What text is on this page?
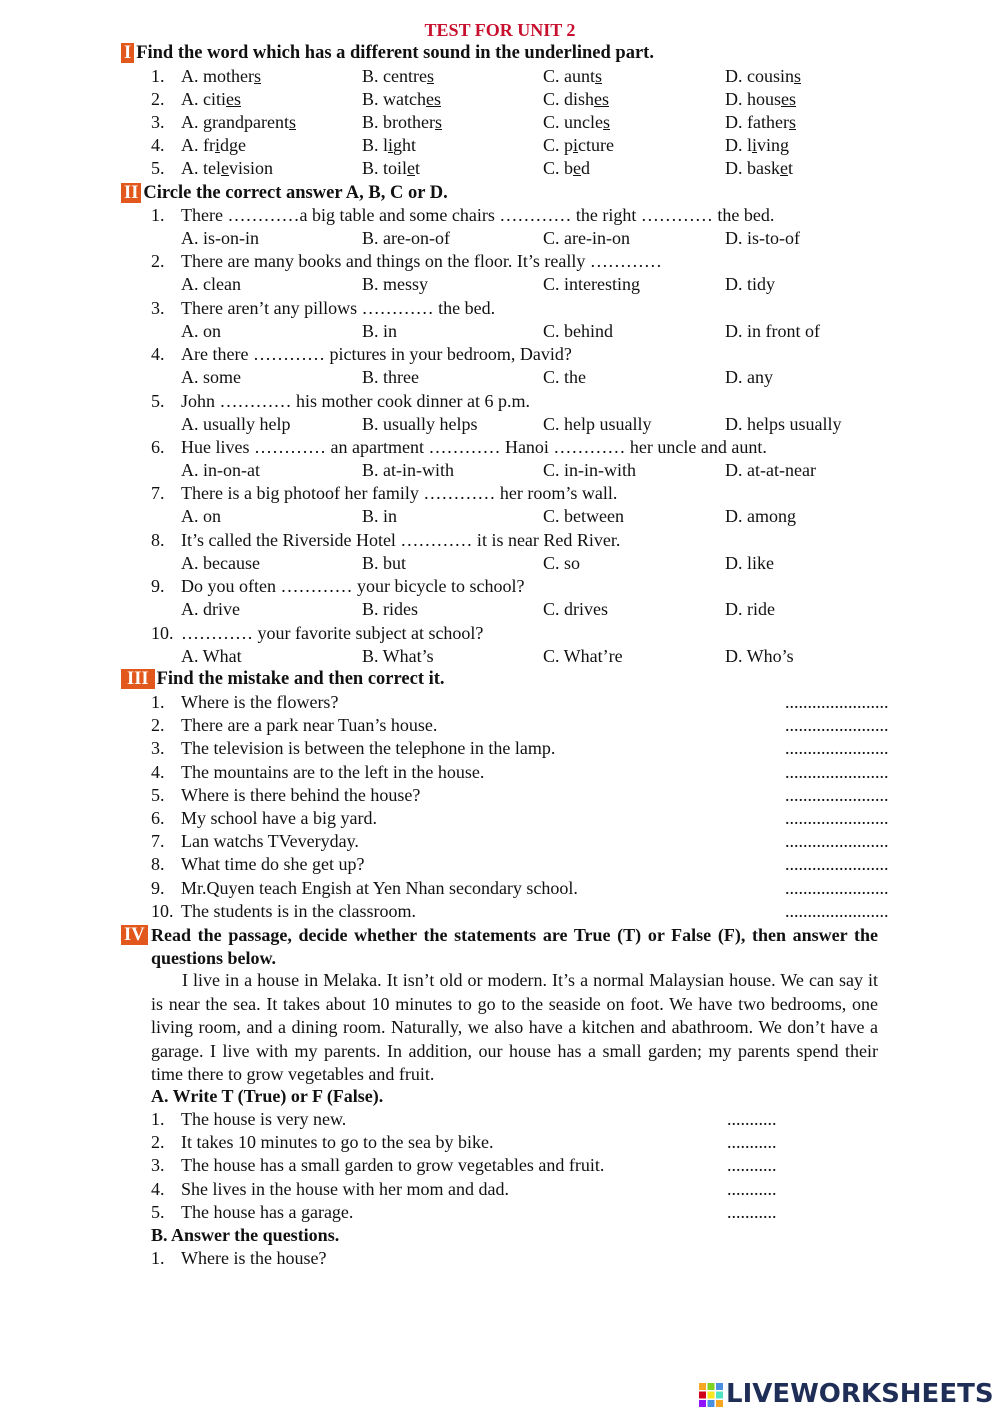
TEST FOR UNIT 2
I Find the word which has a different sound in the underlined part.
1. A. mothers	B. centres	C. aunts	D. cousins
2. A. cities	B. watches	C. dishes	D. houses
3. A. grandparents	B. brothers	C. uncles	D. fathers
4. A. fridge	B. light	C. picture	D. living
5. A. television	B. toilet	C. bed	D. basket
II Circle the correct answer A, B, C or D.
1. There …………a big table and some chairs ………… the right ………… the bed.
A. is-on-in	B. are-on-of	C. are-in-on	D. is-to-of
2. There are many books and things on the floor. It’s really …………
A. clean	B. messy	C. interesting	D. tidy
3. There aren’t any pillows ………… the bed.
A. on	B. in	C. behind	D. in front of
4. Are there ………… pictures in your bedroom, David?
A. some	B. three	C. the	D. any
5. John ………… his mother cook dinner at 6 p.m.
A. usually help	B. usually helps	C. help usually	D. helps usually
6. Hue lives ………… an apartment ………… Hanoi ………… her uncle and aunt.
A. in-on-at	B. at-in-with	C. in-in-with	D. at-at-near
7. There is a big photoof her family ………… her room’s wall.
A. on	B. in	C. between	D. among
8. It’s called the Riverside Hotel ………… it is near Red River.
A. because	B. but	C. so	D. like
9. Do you often ………… your bicycle to school?
A. drive	B. rides	C. drives	D. ride
10. ………… your favorite subject at school?
A. What	B. What’s	C. What’re	D. Who’s
III Find the mistake and then correct it.
1. Where is the flowers?	.......................
2. There are a park near Tuan’s house.	.......................
3. The television is between the telephone in the lamp.	.......................
4. The mountains are to the left in the house.	.......................
5. Where is there behind the house?	.......................
6. My school have a big yard.	.......................
7. Lan watchs TVeveryday.	.......................
8. What time do she get up?	.......................
9. Mr.Quyen teach Engish at Yen Nhan secondary school.	.......................
10. The students is in the classroom.	.......................
IV Read the passage, decide whether the statements are True (T) or False (F), then answer the questions below.
I live in a house in Melaka. It isn’t old or modern. It’s a normal Malaysian house. We can say it is near the sea. It takes about 10 minutes to go to the seaside on foot. We have two bedrooms, one living room, and a dining room. Naturally, we also have a kitchen and abathroom. We don’t have a garage. I live with my parents. In addition, our house has a small garden; my parents spend their time there to grow vegetables and fruit.
A. Write T (True) or F (False).
1. The house is very new.	...........
2. It takes 10 minutes to go to the sea by bike.	...........
3. The house has a small garden to grow vegetables and fruit.	...........
4. She lives in the house with her mom and dad.	...........
5. The house has a garage.	...........
B. Answer the questions.
1. Where is the house?
LIVEWORKSHEETS
